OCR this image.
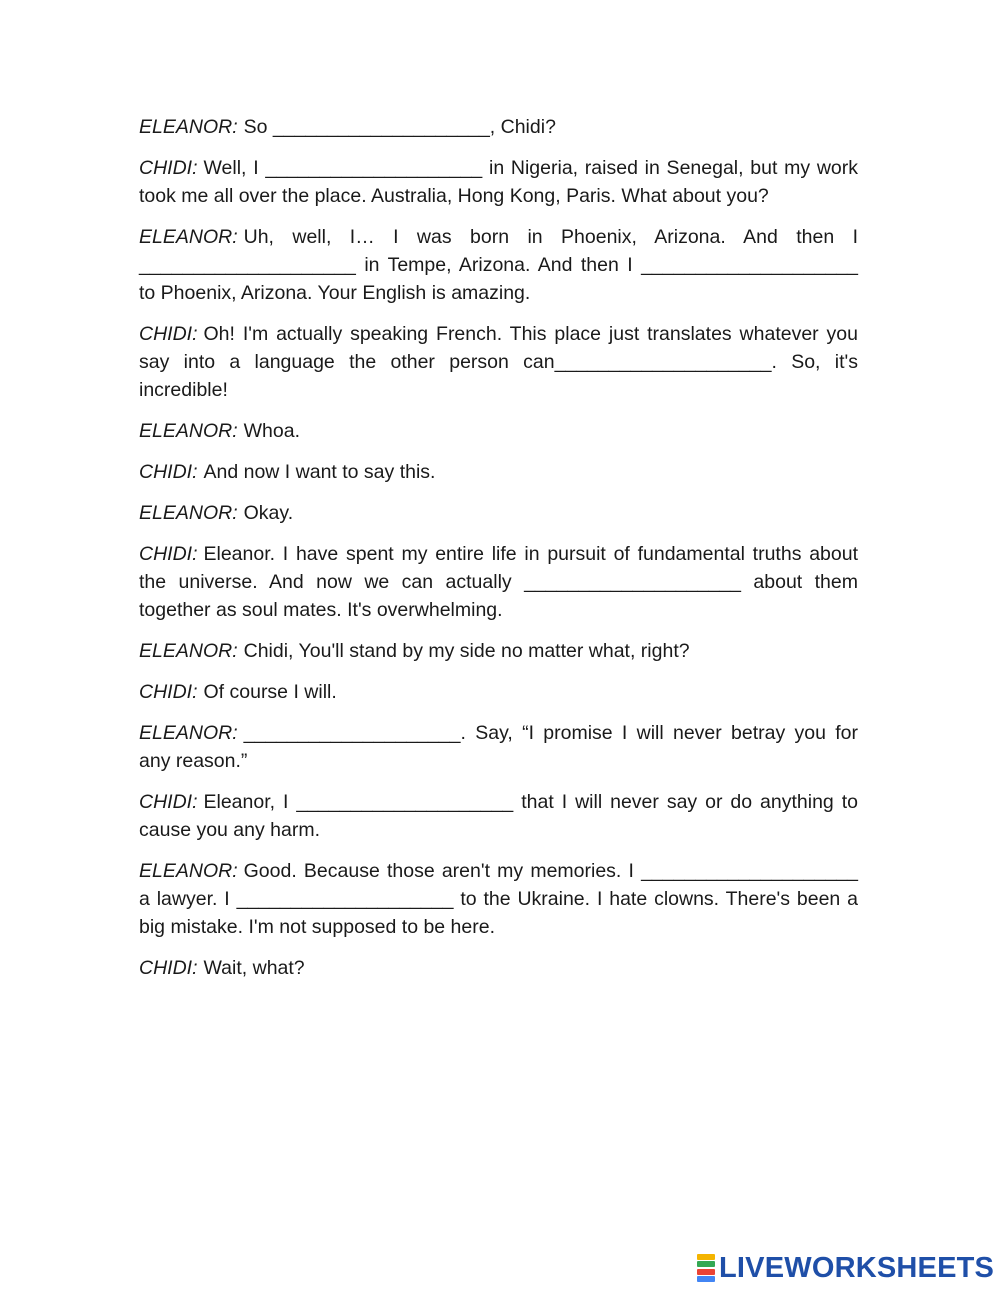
ELEANOR: So ____________________, Chidi?

CHIDI: Well, I ____________________ in Nigeria, raised in Senegal, but my work took me all over the place. Australia, Hong Kong, Paris. What about you?

ELEANOR: Uh, well, I… I was born in Phoenix, Arizona. And then I ____________________ in Tempe, Arizona. And then I ____________________ to Phoenix, Arizona. Your English is amazing.

CHIDI: Oh! I'm actually speaking French. This place just translates whatever you say into a language the other person can____________________. So, it's incredible!

ELEANOR: Whoa.

CHIDI: And now I want to say this.

ELEANOR: Okay.

CHIDI: Eleanor. I have spent my entire life in pursuit of fundamental truths about the universe. And now we can actually ____________________ about them together as soul mates. It's overwhelming.

ELEANOR: Chidi, You'll stand by my side no matter what, right?

CHIDI: Of course I will.

ELEANOR: ____________________. Say, “I promise I will never betray you for any reason.”

CHIDI: Eleanor, I ____________________ that I will never say or do anything to cause you any harm.

ELEANOR: Good. Because those aren't my memories. I ____________________ a lawyer. I ____________________ to the Ukraine. I hate clowns. There's been a big mistake. I'm not supposed to be here.

CHIDI: Wait, what?

LIVEWORKSHEETS
